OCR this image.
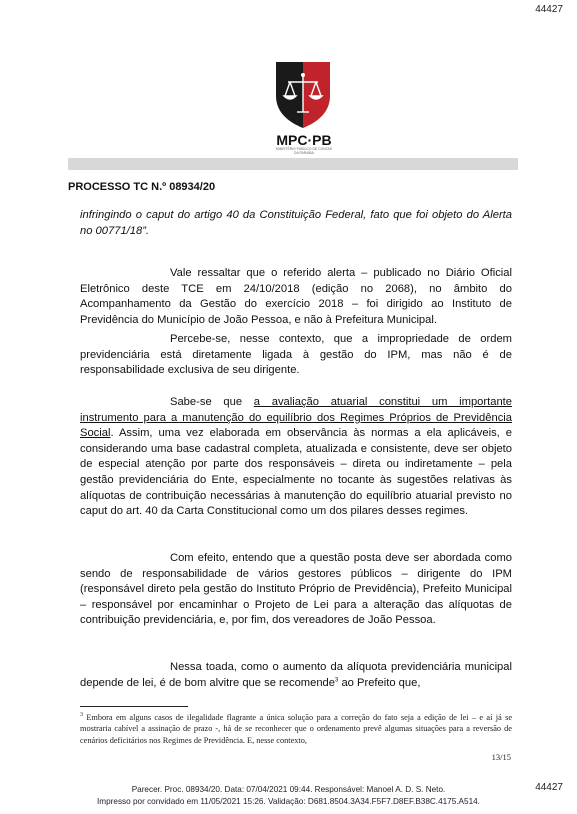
44427
MPC·PB
MINISTÉRIO PÚBLICO DE CONTAS
DA PARAÍBA
PROCESSO TC N.º 08934/20
infringindo o caput do artigo 40 da Constituição Federal, fato que foi objeto do Alerta no 00771/18”.
Vale ressaltar que o referido alerta – publicado no Diário Oficial Eletrônico deste TCE em 24/10/2018 (edição no 2068), no âmbito do Acompanhamento da Gestão do exercício 2018 – foi dirigido ao Instituto de Previdência do Município de João Pessoa, e não à Prefeitura Municipal.
Percebe-se, nesse contexto, que a impropriedade de ordem previdenciária está diretamente ligada à gestão do IPM, mas não é de responsabilidade exclusiva de seu dirigente.
Sabe-se que a avaliação atuarial constitui um importante instrumento para a manutenção do equilíbrio dos Regimes Próprios de Previdência Social. Assim, uma vez elaborada em observância às normas a ela aplicáveis, e considerando uma base cadastral completa, atualizada e consistente, deve ser objeto de especial atenção por parte dos responsáveis – direta ou indiretamente – pela gestão previdenciária do Ente, especialmente no tocante às sugestões relativas às alíquotas de contribuição necessárias à manutenção do equilíbrio atuarial previsto no caput do art. 40 da Carta Constitucional como um dos pilares desses regimes.
Com efeito, entendo que a questão posta deve ser abordada como sendo de responsabilidade de vários gestores públicos – dirigente do IPM (responsável direto pela gestão do Instituto Próprio de Previdência), Prefeito Municipal – responsável por encaminhar o Projeto de Lei para a alteração das alíquotas de contribuição previdenciária, e, por fim, dos vereadores de João Pessoa.
Nessa toada, como o aumento da alíquota previdenciária municipal depende de lei, é de bom alvitre que se recomende$^3$ ao Prefeito que,
$^3$ Embora em alguns casos de ilegalidade flagrante a única solução para a correção do fato seja a edição de lei – e aí já se mostraria cabível a assinação de prazo -, há de se reconhecer que o ordenamento prevê algumas situações para a reversão de cenários deficitários nos Regimes de Previdência. E, nesse contexto,
13/15
44427
Parecer. Proc. 08934/20. Data: 07/04/2021 09:44. Responsável: Manoel A. D. S. Neto.
Impresso por convidado em 11/05/2021 15:26. Validação: D681.8504.3A34.F5F7.D8EF.B38C.4175.A514.
